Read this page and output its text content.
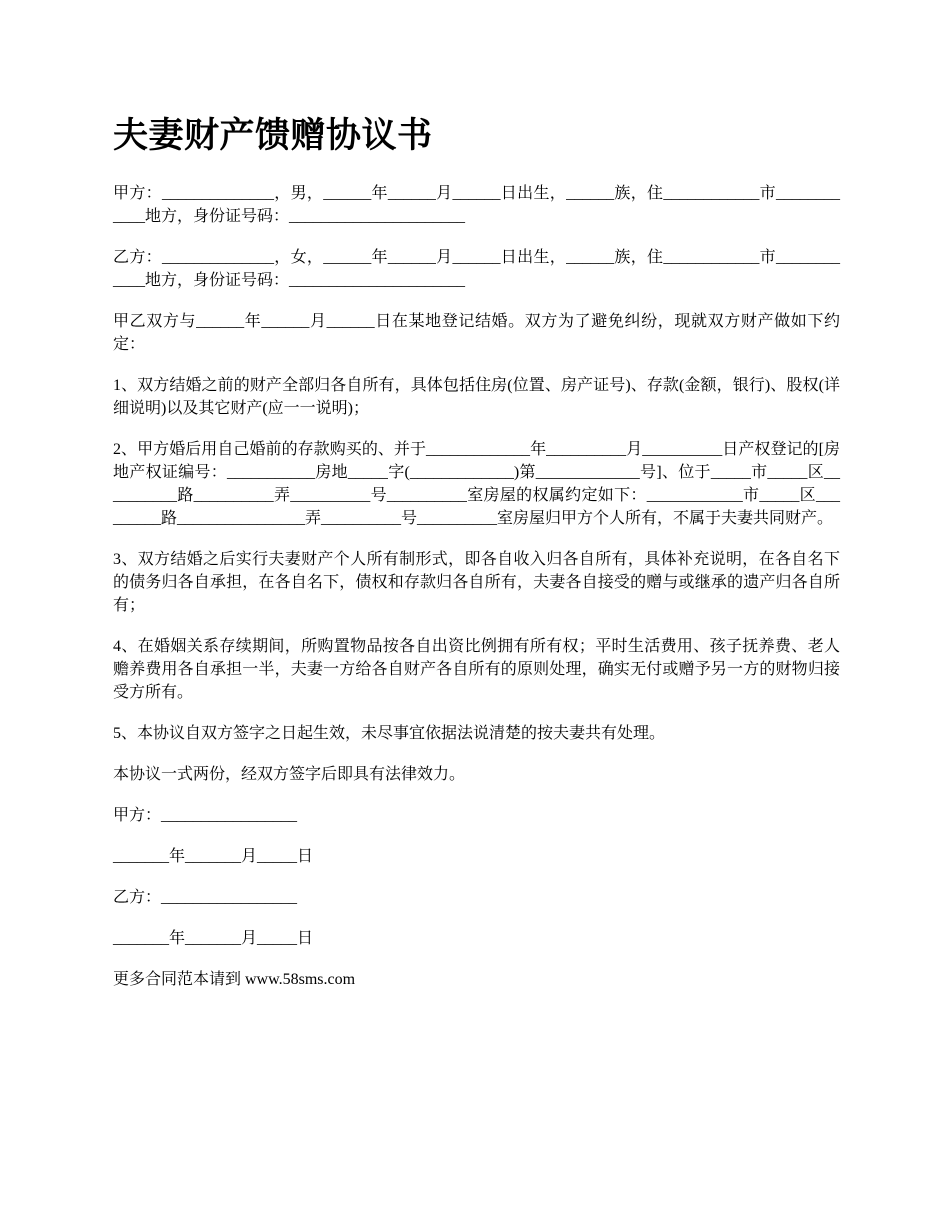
夫妻财产馈赠协议书

甲方：______________，男，______年______月______日出生，______族，住____________市____________地方，身份证号码：______________________

乙方：______________，女，______年______月______日出生，______族，住____________市____________地方，身份证号码：______________________

甲乙双方与______年______月______日在某地登记结婚。双方为了避免纠纷，现就双方财产做如下约定：

1、双方结婚之前的财产全部归各自所有，具体包括住房(位置、房产证号)、存款(金额，银行)、股权(详细说明)以及其它财产(应一一说明)；

2、甲方婚后用自己婚前的存款购买的、并于_____________年__________月__________日产权登记的[房地产权证编号：___________房地_____字(_____________)第_____________号]、位于_____市_____区__________路__________弄__________号__________室房屋的权属约定如下：____________市_____区_________路________________弄__________号__________室房屋归甲方个人所有，不属于夫妻共同财产。

3、双方结婚之后实行夫妻财产个人所有制形式，即各自收入归各自所有，具体补充说明，在各自名下的债务归各自承担，在各自名下，债权和存款归各自所有，夫妻各自接受的赠与或继承的遗产归各自所有；

4、在婚姻关系存续期间，所购置物品按各自出资比例拥有所有权；平时生活费用、孩子抚养费、老人赡养费用各自承担一半，夫妻一方给各自财产各自所有的原则处理，确实无付或赠予另一方的财物归接受方所有。

5、本协议自双方签字之日起生效，未尽事宜依据法说清楚的按夫妻共有处理。

本协议一式两份，经双方签字后即具有法律效力。

甲方：_________________

_______年_______月_____日

乙方：_________________

_______年_______月_____日

更多合同范本请到 www.58sms.com
